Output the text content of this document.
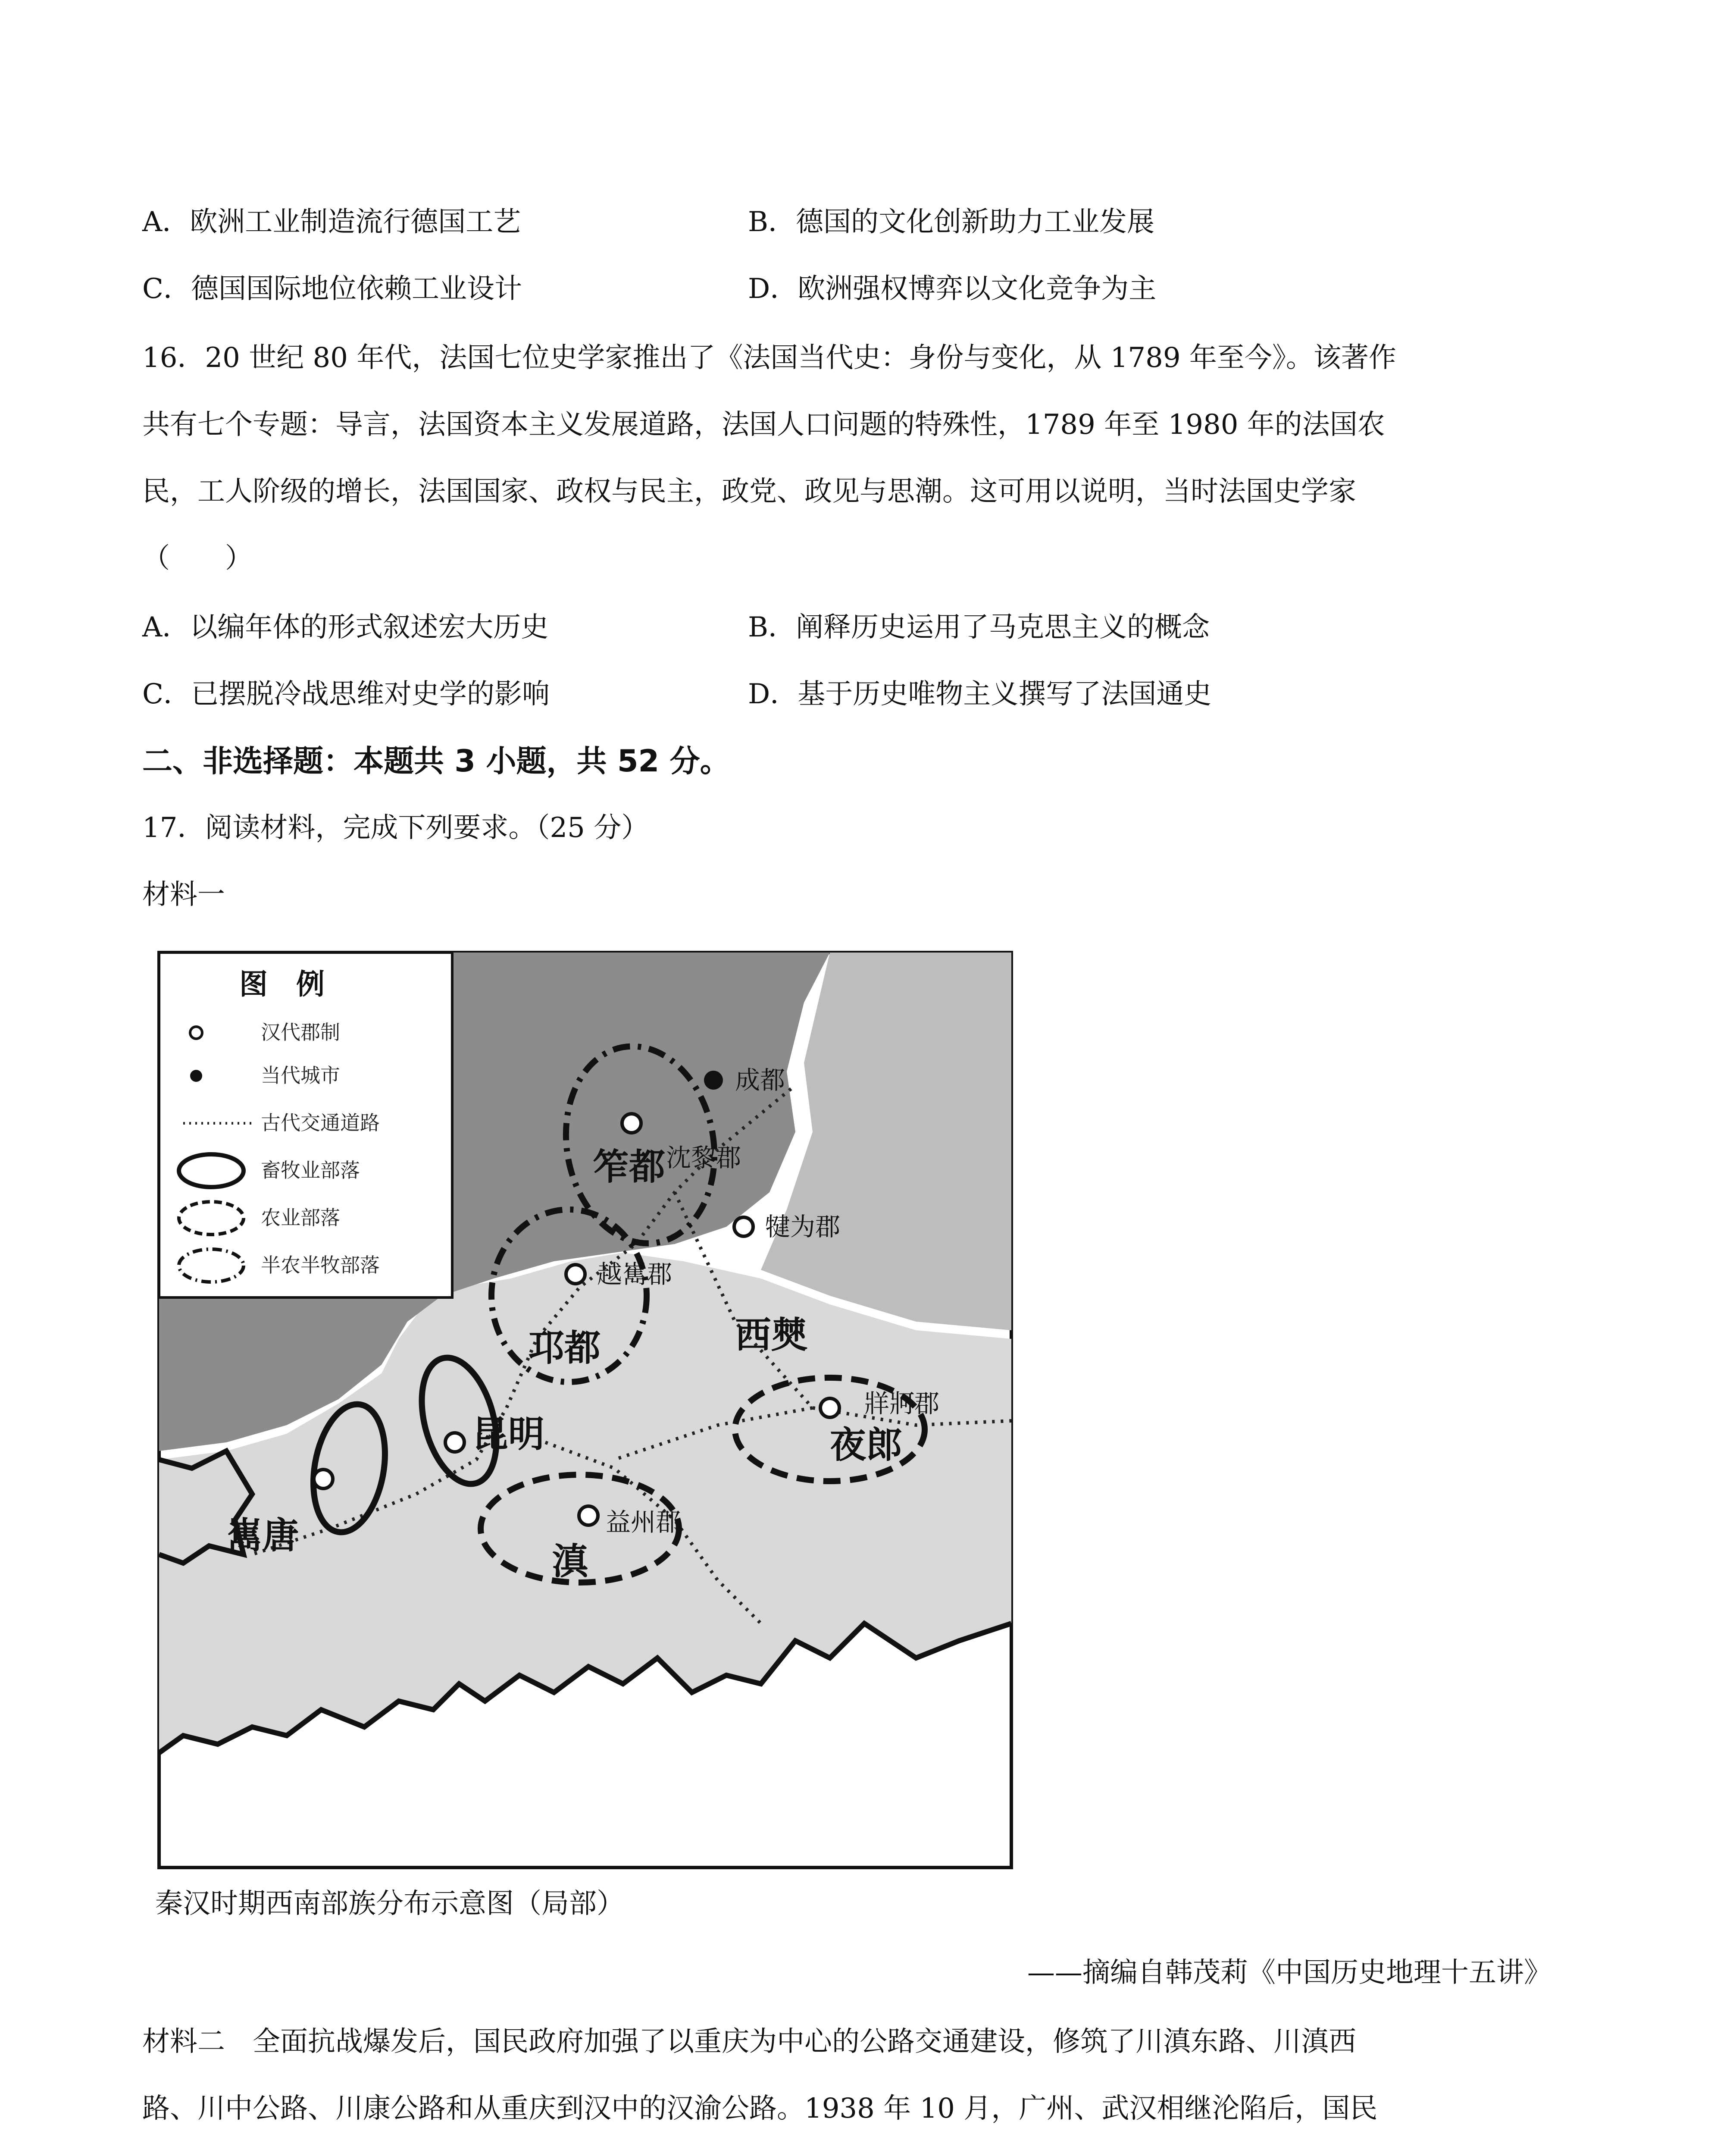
A．欧洲工业制造流行德国工艺	B．德国的文化创新助力工业发展
C．德国国际地位依赖工业设计	D．欧洲强权博弈以文化竞争为主
16．20 世纪 80 年代，法国七位史学家推出了《法国当代史：身份与变化，从 1789 年至今》。该著作
共有七个专题：导言，法国资本主义发展道路，法国人口问题的特殊性，1789 年至 1980 年的法国农
民，工人阶级的增长，法国国家、政权与民主，政党、政见与思潮。这可用以说明，当时法国史学家
（　　）
A．以编年体的形式叙述宏大历史	B．阐释历史运用了马克思主义的概念
C．已摆脱冷战思维对史学的影响	D．基于历史唯物主义撰写了法国通史
二、非选择题：本题共 3 小题，共 52 分。
17．阅读材料，完成下列要求。（25 分）
材料一
成都
笮都 沈黎郡
犍为郡
越嶲郡
邛都	西僰
牂牁郡
夜郎
昆明
嶲唐	益州郡
滇
图　例
汉代郡制
当代城市
古代交通道路
畜牧业部落
农业部落
半农半牧部落
秦汉时期西南部族分布示意图（局部）
——摘编自韩茂莉《中国历史地理十五讲》
材料二　全面抗战爆发后，国民政府加强了以重庆为中心的公路交通建设，修筑了川滇东路、川滇西
路、川中公路、川康公路和从重庆到汉中的汉渝公路。1938 年 10 月，广州、武汉相继沦陷后，国民
